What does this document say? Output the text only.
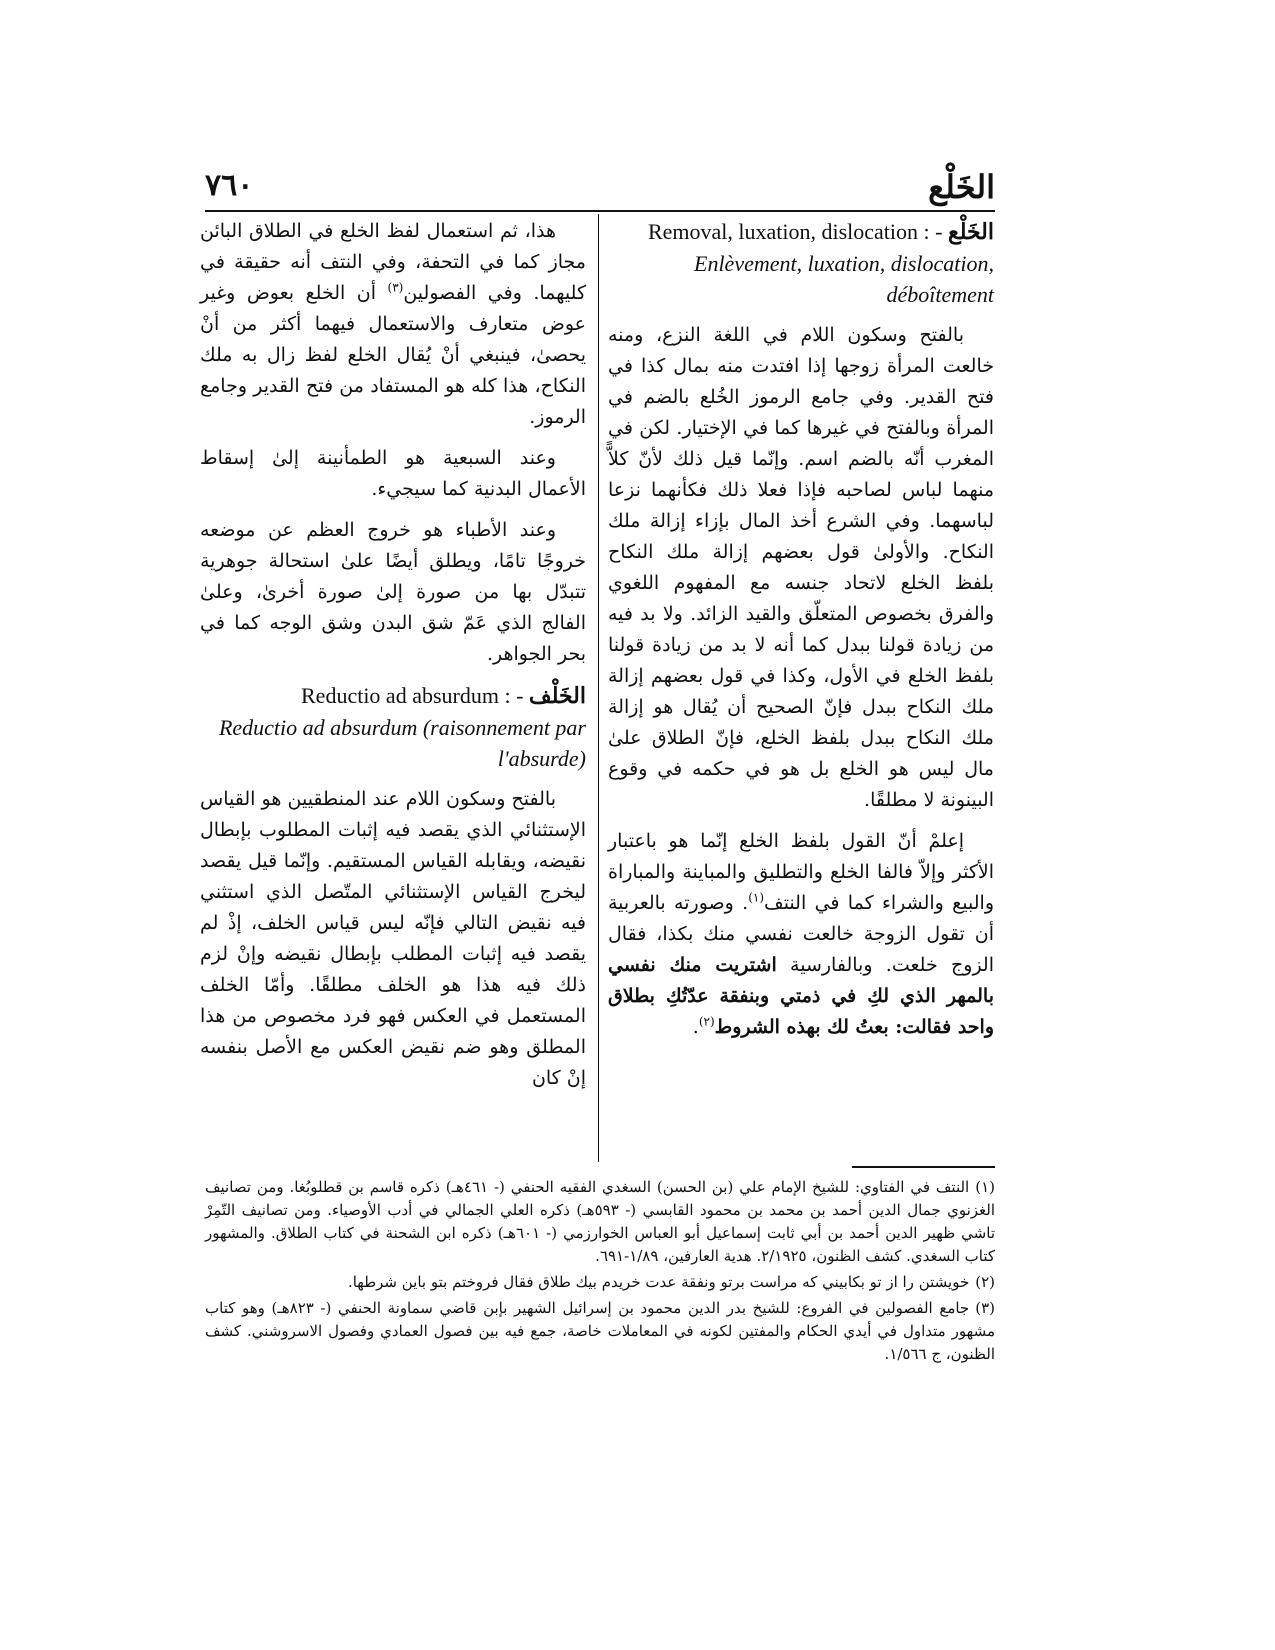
٧٦٠	الخَلْع

Removal, luxation, dislocation : - الخَلْع

Enlèvement, luxation, dislocation, déboîtement

بالفتح وسكون اللام في اللغة النزع، ومنه خالعت المرأة زوجها إذا افتدت منه بمال كذا في فتح القدير. وفي جامع الرموز الخُلع بالضم في المرأة وبالفتح في غيرها كما في الإختيار. لكن في المغرب أنّه بالضم اسم. وإنّما قيل ذلك لأنّ كلاًّ منهما لباس لصاحبه فإذا فعلا ذلك فكأنهما نزعا لباسهما. وفي الشرع أخذ المال بإزاء إزالة ملك النكاح. والأولىٰ قول بعضهم إزالة ملك النكاح بلفظ الخلع لاتحاد جنسه مع المفهوم اللغوي والفرق بخصوص المتعلّق والقيد الزائد. ولا بد فيه من زيادة قولنا ببدل كما أنه لا بد من زيادة قولنا بلفظ الخلع في الأول، وكذا في قول بعضهم إزالة ملك النكاح ببدل فإنّ الصحيح أن يُقال هو إزالة ملك النكاح ببدل بلفظ الخلع، فإنّ الطلاق علىٰ مال ليس هو الخلع بل هو في حكمه في وقوع البينونة لا مطلقًا.

إعلمْ أنّ القول بلفظ الخلع إنّما هو باعتبار الأكثر وإلاّ فالفا الخلع والتطليق والمباينة والمباراة والبيع والشراء كما في النتف$^{(١)}$. وصورته بالعربية أن تقول الزوجة خالعت نفسي منك بكذا، فقال الزوج خلعت. وبالفارسية اشتريت منك نفسي بالمهر الذي لكِ في ذمتي وبنفقة عدّتُكِ بطلاق واحد فقالت: بعتُ لك بهذه الشروط$^{(٢)}$.

هذا، ثم استعمال لفظ الخلع في الطلاق البائن مجاز كما في التحفة، وفي النتف أنه حقيقة في كليهما. وفي الفصولين$^{(٣)}$ أن الخلع بعوض وغير عوض متعارف والاستعمال فيهما أكثر من أنْ يحصىٰ، فينبغي أنْ يُقال الخلع لفظ زال به ملك النكاح، هذا كله هو المستفاد من فتح القدير وجامع الرموز.

وعند السبعية هو الطمأنينة إلىٰ إسقاط الأعمال البدنية كما سيجيء.

وعند الأطباء هو خروج العظم عن موضعه خروجًا تامًا، ويطلق أيضًا علىٰ استحالة جوهرية تتبدّل بها من صورة إلىٰ صورة أخرىٰ، وعلىٰ الفالج الذي عَمّ شق البدن وشق الوجه كما في بحر الجواهر.

Reductio ad absurdum : - الخَلْف

Reductio ad absurdum (raisonnement par l'absurde)

بالفتح وسكون اللام عند المنطقيين هو القياس الإستثنائي الذي يقصد فيه إثبات المطلوب بإبطال نقيضه، ويقابله القياس المستقيم. وإنّما قيل يقصد ليخرج القياس الإستثنائي المتّصل الذي استثني فيه نقيض التالي فإنّه ليس قياس الخلف، إذْ لم يقصد فيه إثبات المطلب بإبطال نقيضه وإنْ لزم ذلك فيه هذا هو الخلف مطلقًا. وأمّا الخلف المستعمل في العكس فهو فرد مخصوص من هذا المطلق وهو ضم نقيض العكس مع الأصل بنفسه إنْ كان

(١)النتف في الفتاوي: للشيخ الإمام علي (بن الحسن) السغدي الفقيه الحنفي (- ٤٦١هـ) ذكره قاسم بن قطلوبُغا. ومن تصانيف الغزنوي جمال الدين أحمد بن محمد بن محمود القابسي (- ٥٩٣هـ) ذكره العلي الجمالي في أدب الأوصياء. ومن تصانيف التّمِرْ تاشي ظهير الدين أحمد بن أبي ثابت إسماعيل أبو العباس الخوارزمي (- ٦٠١هـ) ذكره ابن الشحنة في كتاب الطلاق. والمشهور كتاب السغدي. كشف الظنون، ٢/١٩٢٥. هدية العارفين، ١/٨٩-٦٩١.

(٢)خويشتن را از تو بكابيني كه مراست برتو ونفقة عدت خريدم بيك طلاق فقال فروختم بتو باين شرطها.

(٣)جامع الفصولين في الفروع: للشيخ بدر الدين محمود بن إسرائيل الشهير بإبن قاضي سماونة الحنفي (- ٨٢٣هـ) وهو كتاب مشهور متداول في أيدي الحكام والمفتين لكونه في المعاملات خاصة، جمع فيه بين فصول العمادي وفصول الاسروشني. كشف الظنون، ج ١/٥٦٦.
